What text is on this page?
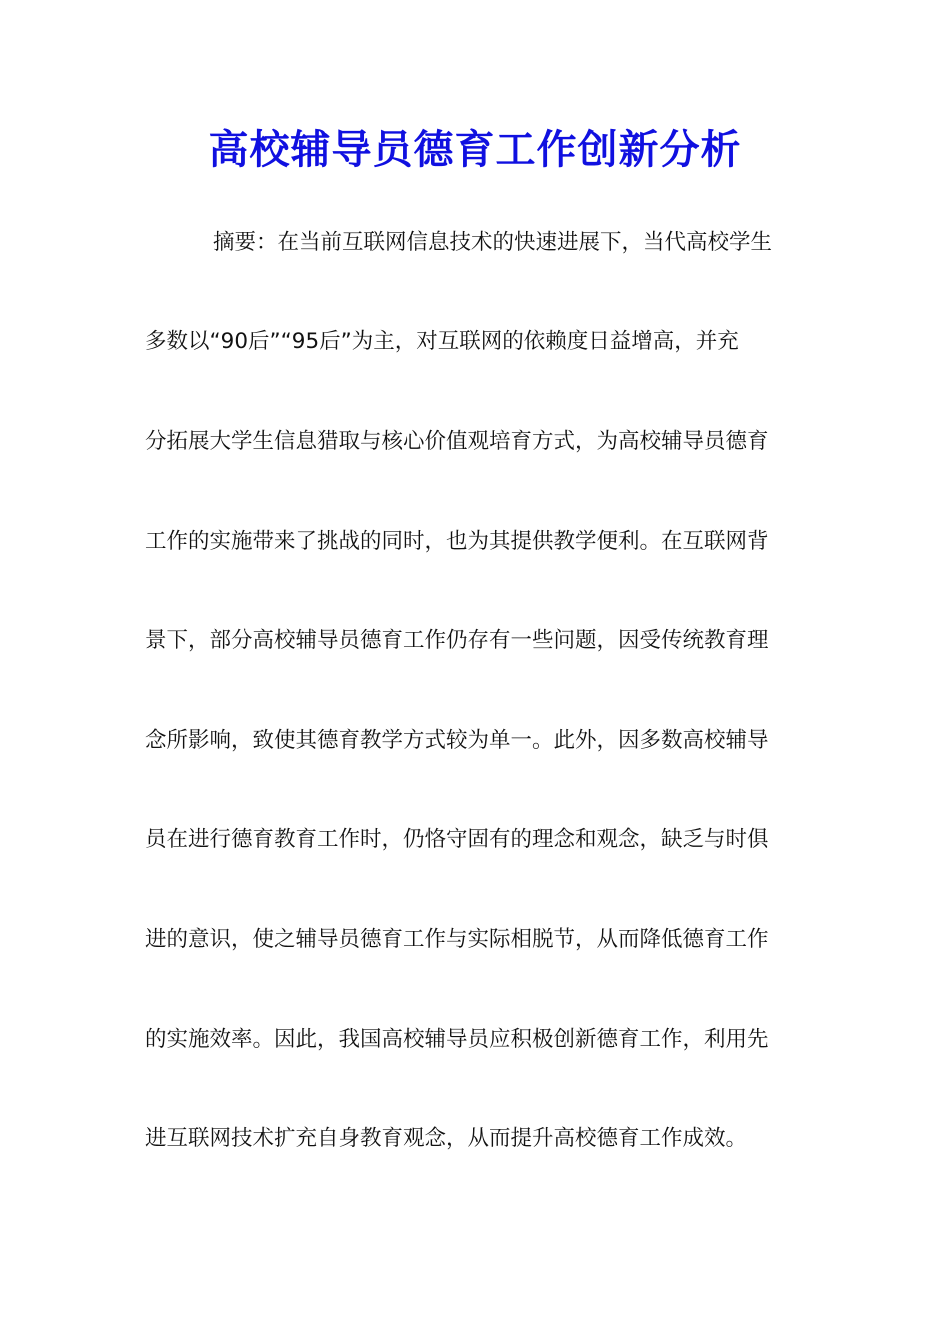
高校辅导员德育工作创新分析
摘要：在当前互联网信息技术的快速进展下，当代高校学生
多数以“90后”“95后”为主，对互联网的依赖度日益增高，并充
分拓展大学生信息猎取与核心价值观培育方式，为高校辅导员德育
工作的实施带来了挑战的同时，也为其提供教学便利。在互联网背
景下，部分高校辅导员德育工作仍存有一些问题，因受传统教育理
念所影响，致使其德育教学方式较为单一。此外，因多数高校辅导
员在进行德育教育工作时，仍恪守固有的理念和观念，缺乏与时俱
进的意识，使之辅导员德育工作与实际相脱节，从而降低德育工作
的实施效率。因此，我国高校辅导员应积极创新德育工作，利用先
进互联网技术扩充自身教育观念，从而提升高校德育工作成效。
